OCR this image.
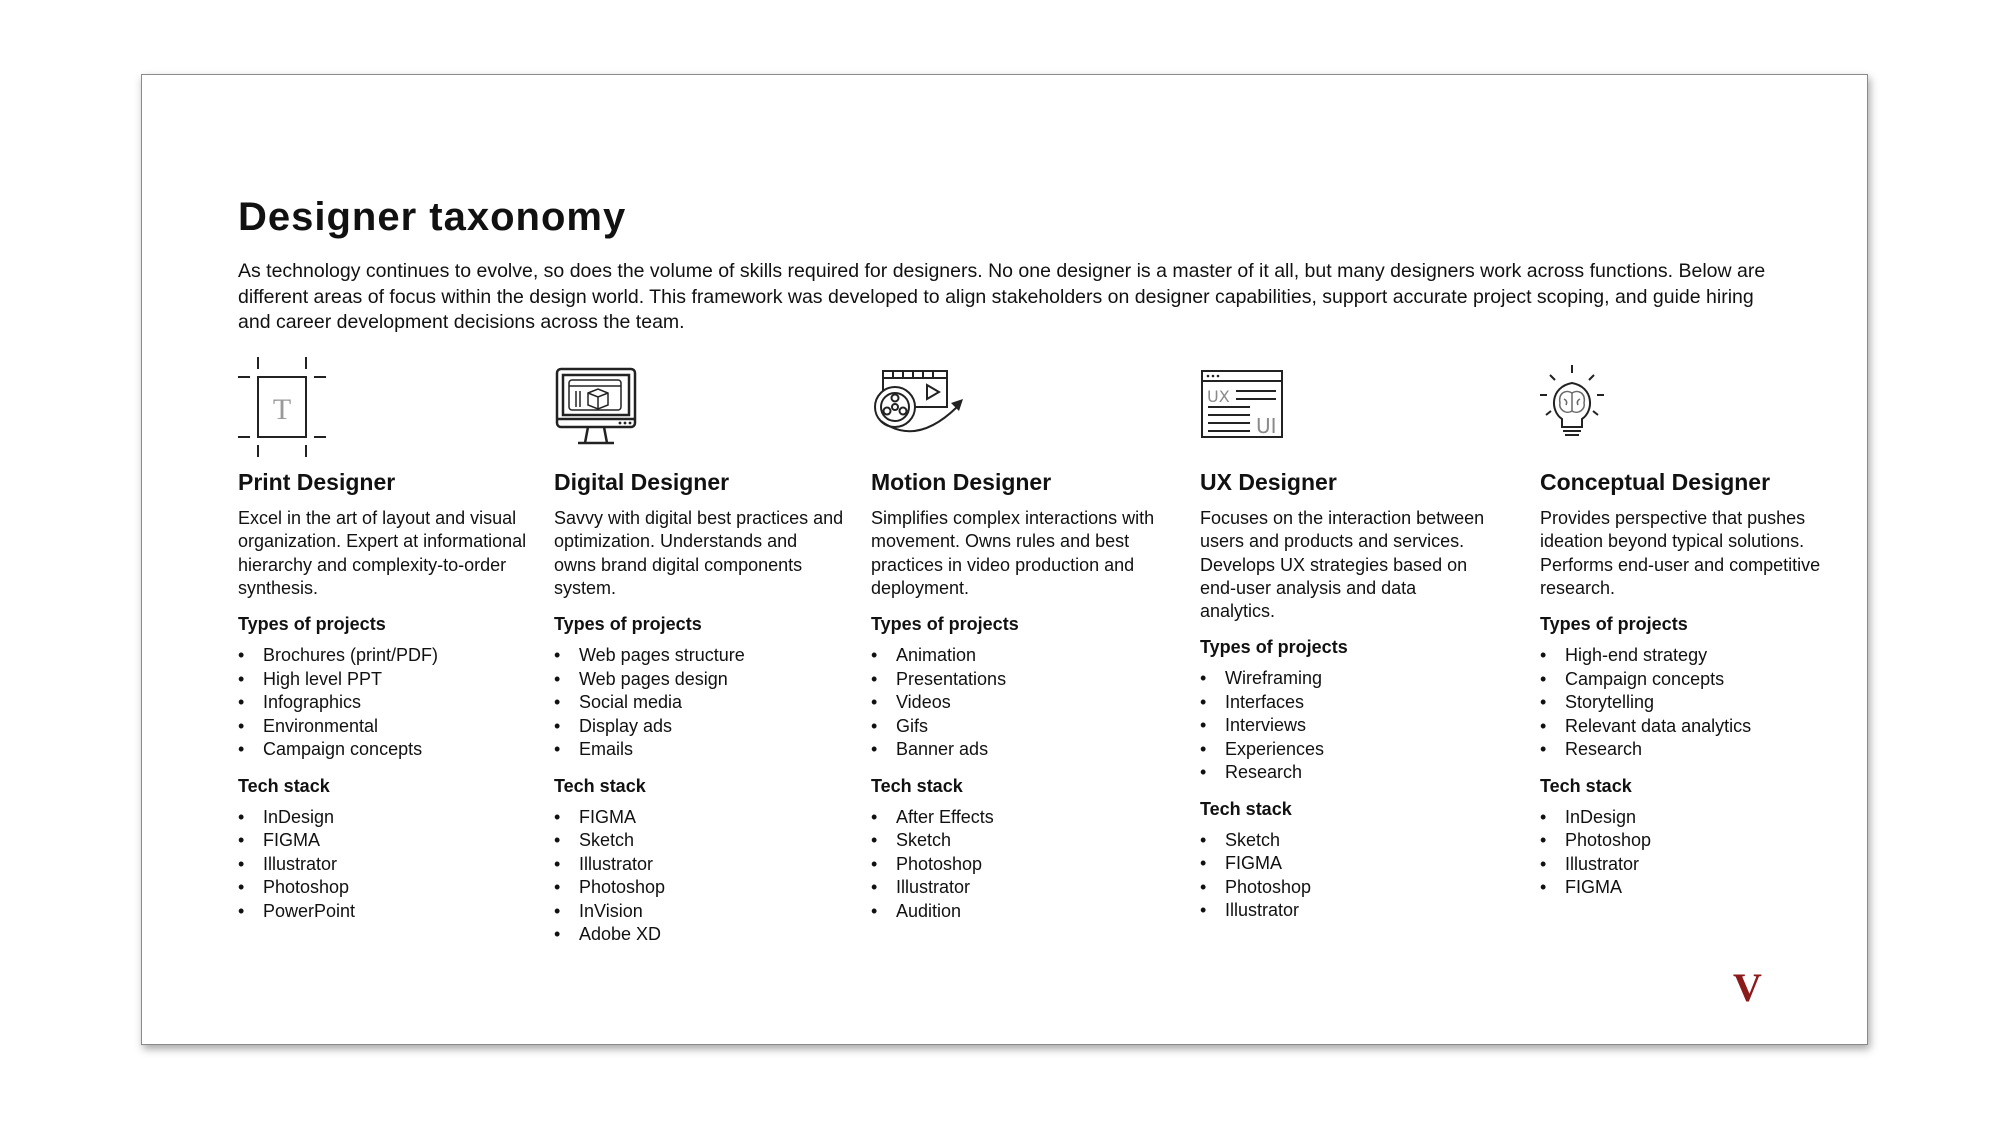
Designer taxonomy

As technology continues to evolve, so does the volume of skills required for designers. No one designer is a master of it all, but many designers work across functions. Below are different areas of focus within the design world. This framework was developed to align stakeholders on designer capabilities, support accurate project scoping, and guide hiring and career development decisions across the team.

T
Print Designer

Excel in the art of layout and visual organization. Expert at informational hierarchy and complexity-to-order synthesis.

Types of projects
• Brochures (print/PDF)
• High level PPT
• Infographics
• Environmental
• Campaign concepts
Tech stack
• InDesign
• FIGMA
• Illustrator
• Photoshop
• PowerPoint
Digital Designer

Savvy with digital best practices and optimization. Understands and owns brand digital components system.

Types of projects
• Web pages structure
• Web pages design
• Social media
• Display ads
• Emails
Tech stack
• FIGMA
• Sketch
• Illustrator
• Photoshop
• InVision
• Adobe XD
Motion Designer

Simplifies complex interactions with movement. Owns rules and best practices in video production and deployment.

Types of projects
• Animation
• Presentations
• Videos
• Gifs
• Banner ads
Tech stack
• After Effects
• Sketch
• Photoshop
• Illustrator
• Audition
UX
UI
UX Designer

Focuses on the interaction between users and products and services. Develops UX strategies based on end-user analysis and data analytics.

Types of projects
• Wireframing
• Interfaces
• Interviews
• Experiences
• Research
Tech stack
• Sketch
• FIGMA
• Photoshop
• Illustrator
Conceptual Designer

Provides perspective that pushes ideation beyond typical solutions. Performs end-user and competitive research.

Types of projects
• High-end strategy
• Campaign concepts
• Storytelling
• Relevant data analytics
• Research
Tech stack
• InDesign
• Photoshop
• Illustrator
• FIGMA
V
